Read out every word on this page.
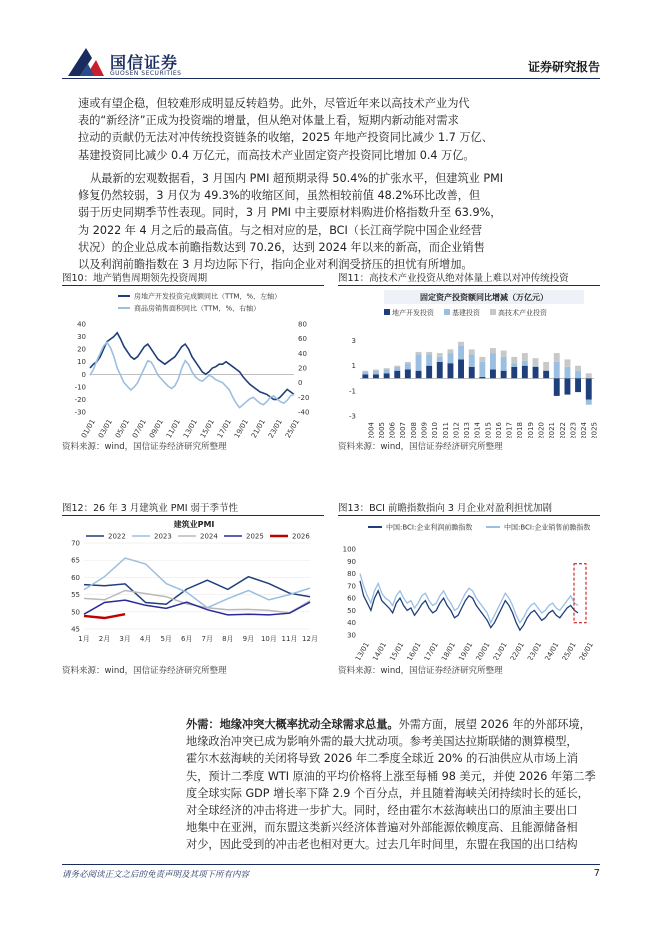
国信证券
GUOSEN SECURITIES	证券研究报告

速或有望企稳，但较难形成明显反转趋势。此外，尽管近年来以高技术产业为代

表的“新经济”正成为投资端的增量，但从绝对体量上看，短期内新动能对需求

拉动的贡献仍无法对冲传统投资链条的收缩，2025 年地产投资同比减少 1.7 万亿、

基建投资同比减少 0.4 万亿元，而高技术产业固定资产投资同比增加 0.4 万亿。

从最新的宏观数据看，3 月国内 PMI 超预期录得 50.4%的扩张水平，但建筑业 PMI

修复仍然较弱，3 月仅为 49.3%的收缩区间，虽然相较前值 48.2%环比改善，但

弱于历史同期季节性表现。同时，3 月 PMI 中主要原材料购进价格指数升至 63.9%，

为 2022 年 4 月之后的最高值。与之相对应的是，BCI（长江商学院中国企业经营

状况）的企业总成本前瞻指数达到 70.26，达到 2024 年以来的新高，而企业销售

以及利润前瞻指数在 3 月均边际下行，指向企业对利润受挤压的担忧有所增加。

图10：地产销售周期领先投资周期
40
30
20
10
0
-10
-20
-30
80
60
40
20
0
-20
-40
01/01 03/01 05/01 07/01 09/01 11/01 13/01 15/01 17/01 19/01 21/01 23/01 25/01
房地产开发投资完成额同比（TTM，%，左轴）
商品房销售面积同比（TTM，%，右轴）
资料来源：wind，国信证券经济研究所整理
图11：高技术产业投资从绝对体量上难以对冲传统投资
固定资产投资额同比增减（万亿元）
地产开发投资	基建投资	高技术产业投资
3
1
-1
-3
2004 2005 2006 2007 2008 2009 2010 2011 2012 2013 2014 2015 2016 2017 2018 2019 2020 2021 2022 2023 2024 2025
资料来源：wind，国信证券经济研究所整理
图12：26 年 3 月建筑业 PMI 弱于季节性
建筑业PMI
2022	2023	2024	2025	2026
70
65
60
55
50
45
1月 2月 3月 4月 5月 6月 7月 8月 9月 10月 11月 12月
资料来源：wind，国信证券经济研究所整理
图13：BCI 前瞻指数指向 3 月企业对盈利担忧加剧
中国:BCI:企业利润前瞻指数	中国:BCI:企业销售前瞻指数
100
90
80
70
60
50
40
30
13/01 14/01 15/01 16/01 17/01 18/01 19/01 20/01 21/01 22/01 23/01 24/01 25/01 26/01
资料来源：wind，国信证券经济研究所整理

外需：地缘冲突大概率扰动全球需求总量。外需方面，展望 2026 年的外部环境，

地缘政治冲突已成为影响外需的最大扰动项。参考美国达拉斯联储的测算模型，

霍尔木兹海峡的关闭将导致 2026 年二季度全球近 20% 的石油供应从市场上消

失，预计二季度 WTI 原油的平均价格将上涨至每桶 98 美元，并使 2026 年第二季

度全球实际 GDP 增长率下降 2.9 个百分点，并且随着海峡关闭持续时长的延长，

对全球经济的冲击将进一步扩大。同时，经由霍尔木兹海峡出口的原油主要出口

地集中在亚洲，而东盟这类新兴经济体普遍对外部能源依赖度高、且能源储备相

对少，因此受到的冲击老也相对更大。过去几年时间里，东盟在我国的出口结构

请务必阅读正文之后的免责声明及其项下所有内容	7
